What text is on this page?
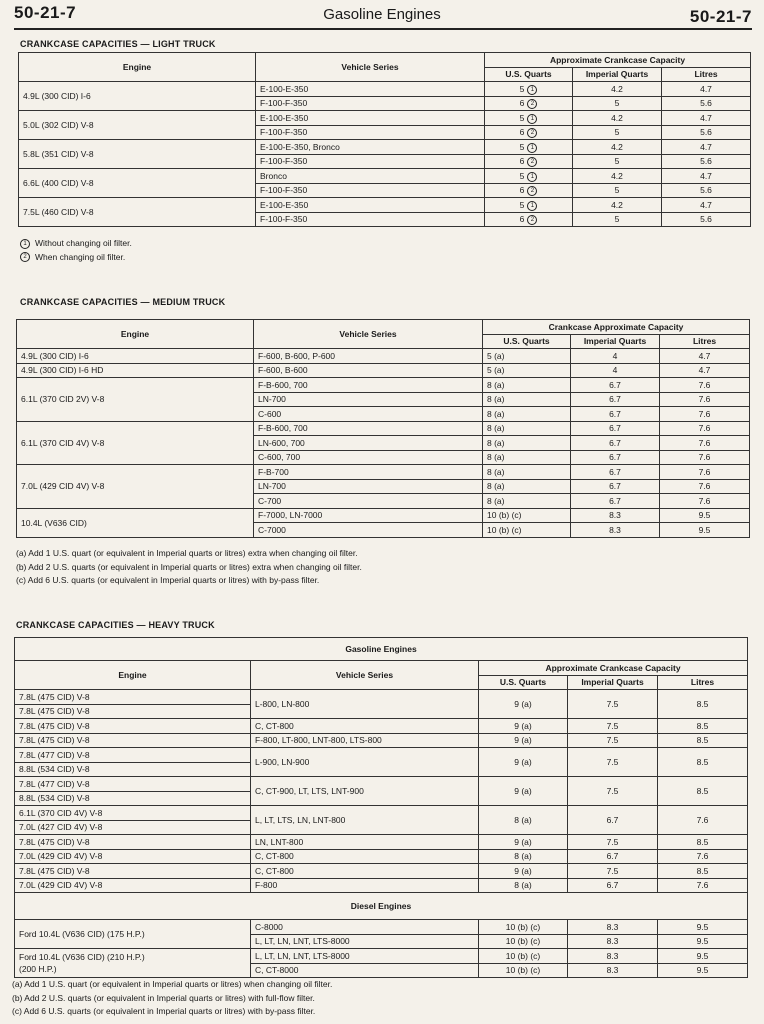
50-21-7	Gasoline Engines	50-21-7
CRANKCASE CAPACITIES — LIGHT TRUCK
Engine	Vehicle Series	Approximate Crankcase Capacity		
		U.S. Quarts	Imperial Quarts	Litres
4.9L (300 CID) I-6	E-100-E-350	5 1	4.2	4.7
	F-100-F-350	6 2	5	5.6
5.0L (302 CID) V-8	E-100-E-350	5 1	4.2	4.7
	F-100-F-350	6 2	5	5.6
5.8L (351 CID) V-8	E-100-E-350, Bronco	5 1	4.2	4.7
	F-100-F-350	6 2	5	5.6
6.6L (400 CID) V-8	Bronco	5 1	4.2	4.7
	F-100-F-350	6 2	5	5.6
7.5L (460 CID) V-8	E-100-E-350	5 1	4.2	4.7
	F-100-F-350	6 2	5	5.6
1 Without changing oil filter.
2 When changing oil filter.
CRANKCASE CAPACITIES — MEDIUM TRUCK
Engine	Vehicle Series	Crankcase Approximate Capacity		
		U.S. Quarts	Imperial Quarts	Litres
4.9L (300 CID) I-6	F-600, B-600, P-600	5 (a)	4	4.7
4.9L (300 CID) I-6 HD	F-600, B-600	5 (a)	4	4.7
6.1L (370 CID 2V) V-8	F-B-600, 700	8 (a)	6.7	7.6
	LN-700	8 (a)	6.7	7.6
	C-600	8 (a)	6.7	7.6
6.1L (370 CID 4V) V-8	F-B-600, 700	8 (a)	6.7	7.6
	LN-600, 700	8 (a)	6.7	7.6
	C-600, 700	8 (a)	6.7	7.6
7.0L (429 CID 4V) V-8	F-B-700	8 (a)	6.7	7.6
	LN-700	8 (a)	6.7	7.6
	C-700	8 (a)	6.7	7.6
10.4L (V636 CID)	F-7000, LN-7000	10 (b) (c)	8.3	9.5
	C-7000	10 (b) (c)	8.3	9.5
(a) Add 1 U.S. quart (or equivalent in Imperial quarts or litres) extra when changing oil filter.
(b) Add 2 U.S. quarts (or equivalent in Imperial quarts or litres) extra when changing oil filter.
(c) Add 6 U.S. quarts (or equivalent in Imperial quarts or litres) with by-pass filter.
CRANKCASE CAPACITIES — HEAVY TRUCK
Gasoline Engines				
Engine	Vehicle Series	Approximate Crankcase Capacity		
		U.S. Quarts	Imperial Quarts	Litres
7.8L (475 CID) V-8	L-800, LN-800	9 (a)	7.5	8.5
7.8L (475 CID) V-8				
7.8L (475 CID) V-8	C, CT-800	9 (a)	7.5	8.5
7.8L (475 CID) V-8	F-800, LT-800, LNT-800, LTS-800	9 (a)	7.5	8.5
7.8L (477 CID) V-8	L-900, LN-900	9 (a)	7.5	8.5
8.8L (534 CID) V-8				
7.8L (477 CID) V-8	C, CT-900, LT, LTS, LNT-900	9 (a)	7.5	8.5
8.8L (534 CID) V-8				
6.1L (370 CID 4V) V-8	L, LT, LTS, LN, LNT-800	8 (a)	6.7	7.6
7.0L (427 CID 4V) V-8				
7.8L (475 CID) V-8	LN, LNT-800	9 (a)	7.5	8.5
7.0L (429 CID 4V) V-8	C, CT-800	8 (a)	6.7	7.6
7.8L (475 CID) V-8	C, CT-800	9 (a)	7.5	8.5
7.0L (429 CID 4V) V-8	F-800	8 (a)	6.7	7.6
Diesel Engines				

Ford 10.4L (V636 CID) (175 H.P.)	C-8000	10 (b) (c)	8.3	9.5
	L, LT, LN, LNT, LTS-8000	10 (b) (c)	8.3	9.5

Ford 10.4L (V636 CID) (210 H.P.)
(200 H.P.)	L, LT, LN, LNT, LTS-8000	10 (b) (c)	8.3	9.5
	C, CT-8000	10 (b) (c)	8.3	9.5
(a) Add 1 U.S. quart (or equivalent in Imperial quarts or litres) when changing oil filter.
(b) Add 2 U.S. quarts (or equivalent in Imperial quarts or litres) with full-flow filter.
(c) Add 6 U.S. quarts (or equivalent in Imperial quarts or litres) with by-pass filter.
